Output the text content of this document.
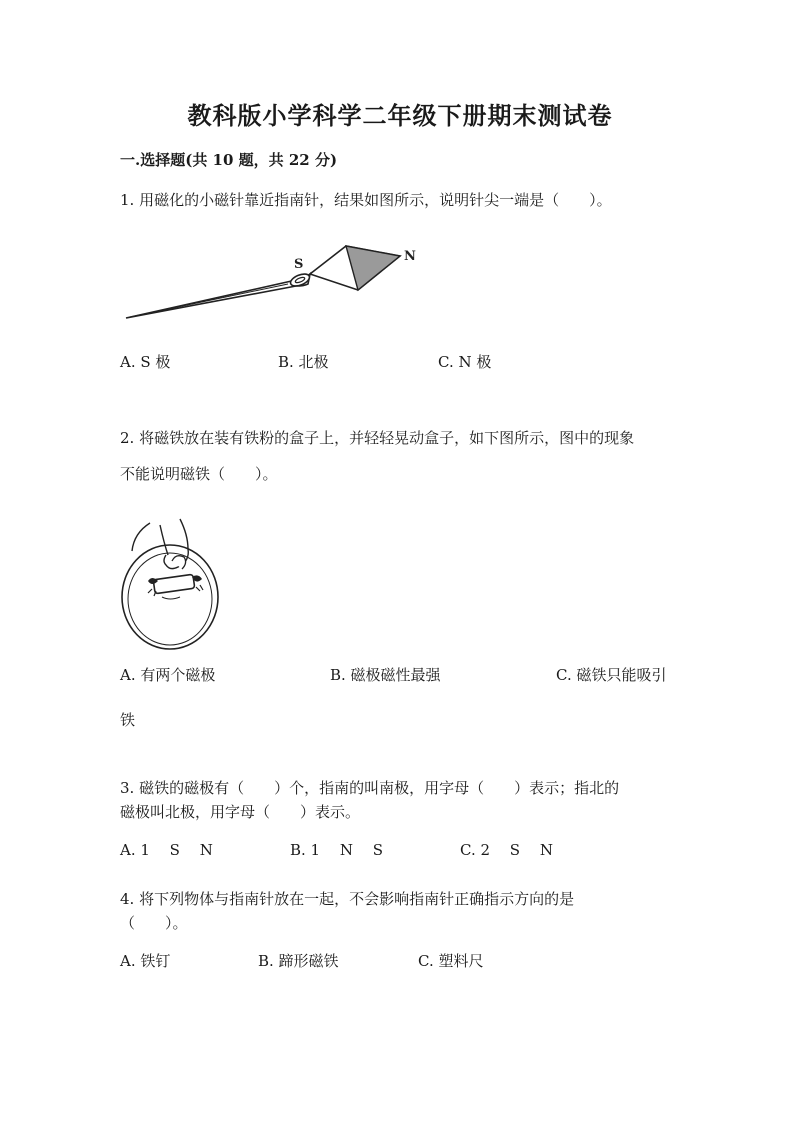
教科版小学科学二年级下册期末测试卷
一.选择题(共 10 题，共 22 分)
1. 用磁化的小磁针靠近指南针，结果如图所示，说明针尖一端是（　　）。
S
N
A. S 极	B. 北极	C. N 极
2. 将磁铁放在装有铁粉的盒子上，并轻轻晃动盒子，如下图所示，图中的现象
不能说明磁铁（　　）。
A. 有两个磁极	B. 磁极磁性最强	C. 磁铁只能吸引
铁
3. 磁铁的磁极有（　　）个，指南的叫南极，用字母（　　）表示；指北的
磁极叫北极，用字母（　　）表示。
A. 1　 S　 N	B. 1　 N　 S	C. 2　 S　 N
4. 将下列物体与指南针放在一起，不会影响指南针正确指示方向的是
（　　）。
A. 铁钉	B. 蹄形磁铁	C. 塑料尺
